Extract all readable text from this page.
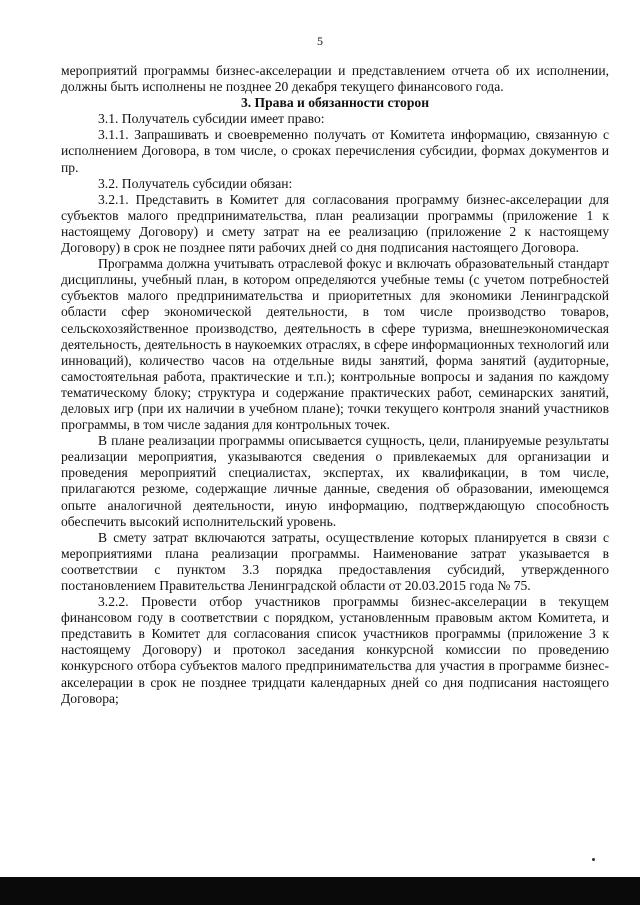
5

мероприятий программы бизнес-акселерации и представлением отчета об их исполнении, должны быть исполнены не позднее 20 декабря текущего финансового года.

3. Права и обязанности сторон

3.1. Получатель субсидии имеет право:

3.1.1. Запрашивать и своевременно получать от Комитета информацию, связанную с исполнением Договора, в том числе, о сроках перечисления субсидии, формах документов и пр.

3.2. Получатель субсидии обязан:

3.2.1. Представить в Комитет для согласования программу бизнес-акселерации для субъектов малого предпринимательства, план реализации программы (приложение 1 к настоящему Договору) и смету затрат на ее реализацию (приложение 2 к настоящему Договору) в срок не позднее пяти рабочих дней со дня подписания настоящего Договора.

Программа должна учитывать отраслевой фокус и включать образовательный стандарт дисциплины, учебный план, в котором определяются учебные темы (с учетом потребностей субъектов малого предпринимательства и приоритетных для экономики Ленинградской области сфер экономической деятельности, в том числе производство товаров, сельскохозяйственное производство, деятельность в сфере туризма, внешнеэкономическая деятельность, деятельность в наукоемких отраслях, в сфере информационных технологий или инноваций), количество часов на отдельные виды занятий, форма занятий (аудиторные, самостоятельная работа, практические и т.п.); контрольные вопросы и задания по каждому тематическому блоку; структура и содержание практических работ, семинарских занятий, деловых игр (при их наличии в учебном плане); точки текущего контроля знаний участников программы, в том числе задания для контрольных точек.

В плане реализации программы описывается сущность, цели, планируемые результаты реализации мероприятия, указываются сведения о привлекаемых для организации и проведения мероприятий специалистах, экспертах, их квалификации, в том числе, прилагаются резюме, содержащие личные данные, сведения об образовании, имеющемся опыте аналогичной деятельности, иную информацию, подтверждающую способность обеспечить высокий исполнительский уровень.

В смету затрат включаются затраты, осуществление которых планируется в связи с мероприятиями плана реализации программы. Наименование затрат указывается в соответствии с пунктом 3.3 порядка предоставления субсидий, утвержденного постановлением Правительства Ленинградской области от 20.03.2015 года № 75.

3.2.2. Провести отбор участников программы бизнес-акселерации в текущем финансовом году в соответствии с порядком, установленным правовым актом Комитета, и представить в Комитет для согласования список участников программы (приложение 3 к настоящему Договору) и протокол заседания конкурсной комиссии по проведению конкурсного отбора субъектов малого предпринимательства для участия в программе бизнес-акселерации в срок не позднее тридцати календарных дней со дня подписания настоящего Договора;
